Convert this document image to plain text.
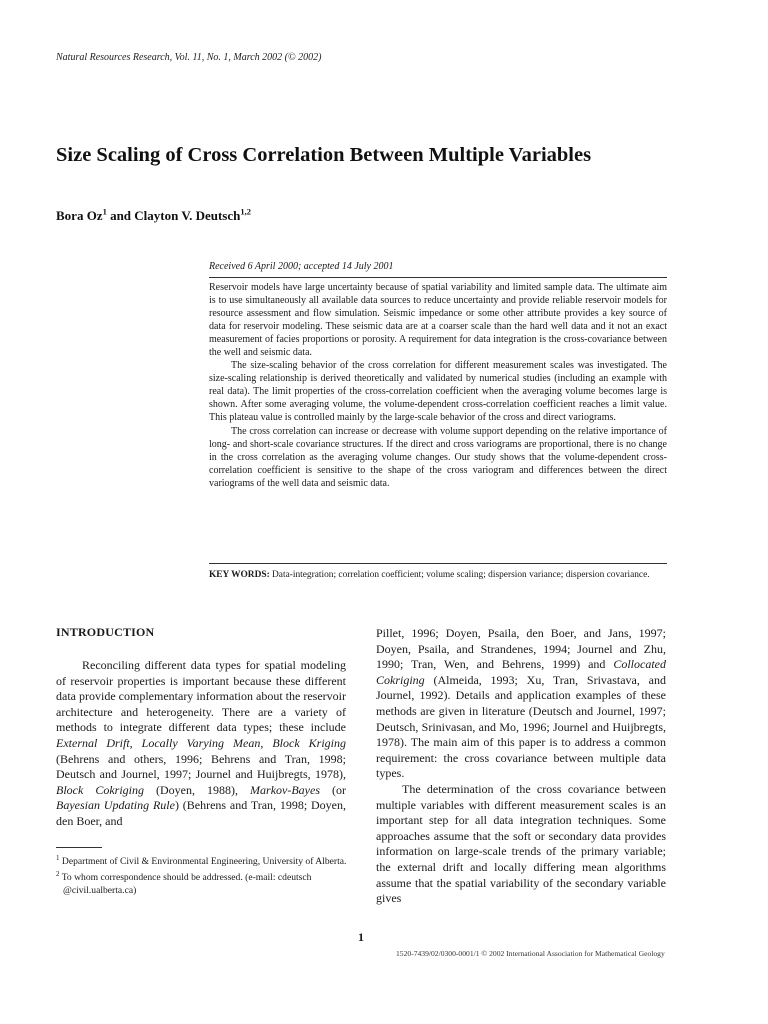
Natural Resources Research, Vol. 11, No. 1, March 2002 (© 2002)
Size Scaling of Cross Correlation Between Multiple Variables
Bora Oz$^1$ and Clayton V. Deutsch$^{1,2}$
Received 6 April 2000; accepted 14 July 2001

Reservoir models have large uncertainty because of spatial variability and limited sample data. The ultimate aim is to use simultaneously all available data sources to reduce uncertainty and provide reliable reservoir models for resource assessment and flow simulation. Seismic impedance or some other attribute provides a key source of data for reservoir modeling. These seismic data are at a coarser scale than the hard well data and it not an exact measurement of facies proportions or porosity. A requirement for data integration is the cross-covariance between the well and seismic data.

The size-scaling behavior of the cross correlation for different measurement scales was investigated. The size-scaling relationship is derived theoretically and validated by numerical studies (including an example with real data). The limit properties of the cross-correlation coefficient when the averaging volume becomes large is shown. After some averaging volume, the volume-dependent cross-correlation coefficient reaches a limit value. This plateau value is controlled mainly by the large-scale behavior of the cross and direct variograms.

The cross correlation can increase or decrease with volume support depending on the relative importance of long- and short-scale covariance structures. If the direct and cross variograms are proportional, there is no change in the cross correlation as the averaging volume changes. Our study shows that the volume-dependent cross-correlation coefficient is sensitive to the shape of the cross variogram and differences between the direct variograms of the well data and seismic data.

KEY WORDS: Data-integration; correlation coefficient; volume scaling; dispersion variance; dispersion covariance.
INTRODUCTION

Reconciling different data types for spatial modeling of reservoir properties is important because these different data provide complementary information about the reservoir architecture and heterogeneity. There are a variety of methods to integrate different data types; these include External Drift, Locally Varying Mean, Block Kriging (Behrens and others, 1996; Behrens and Tran, 1998; Deutsch and Journel, 1997; Journel and Huijbregts, 1978), Block Cokriging (Doyen, 1988), Markov-Bayes (or Bayesian Updating Rule) (Behrens and Tran, 1998; Doyen, den Boer, and

Pillet, 1996; Doyen, Psaila, den Boer, and Jans, 1997; Doyen, Psaila, and Strandenes, 1994; Journel and Zhu, 1990; Tran, Wen, and Behrens, 1999) and Collocated Cokriging (Almeida, 1993; Xu, Tran, Srivastava, and Journel, 1992). Details and application examples of these methods are given in literature (Deutsch and Journel, 1997; Deutsch, Srinivasan, and Mo, 1996; Journel and Huijbregts, 1978). The main aim of this paper is to address a common requirement: the cross covariance between multiple data types.

The determination of the cross covariance between multiple variables with different measurement scales is an important step for all data integration techniques. Some approaches assume that the soft or secondary data provides information on large-scale trends of the primary variable; the external drift and locally differing mean algorithms assume that the spatial variability of the secondary variable gives

$^1$ Department of Civil & Environmental Engineering, University of Alberta.

$^2$ To whom correspondence should be addressed. (e-mail: cdeutsch @civil.ualberta.ca)

1
1520-7439/02/0300-0001/1 © 2002 International Association for Mathematical Geology
